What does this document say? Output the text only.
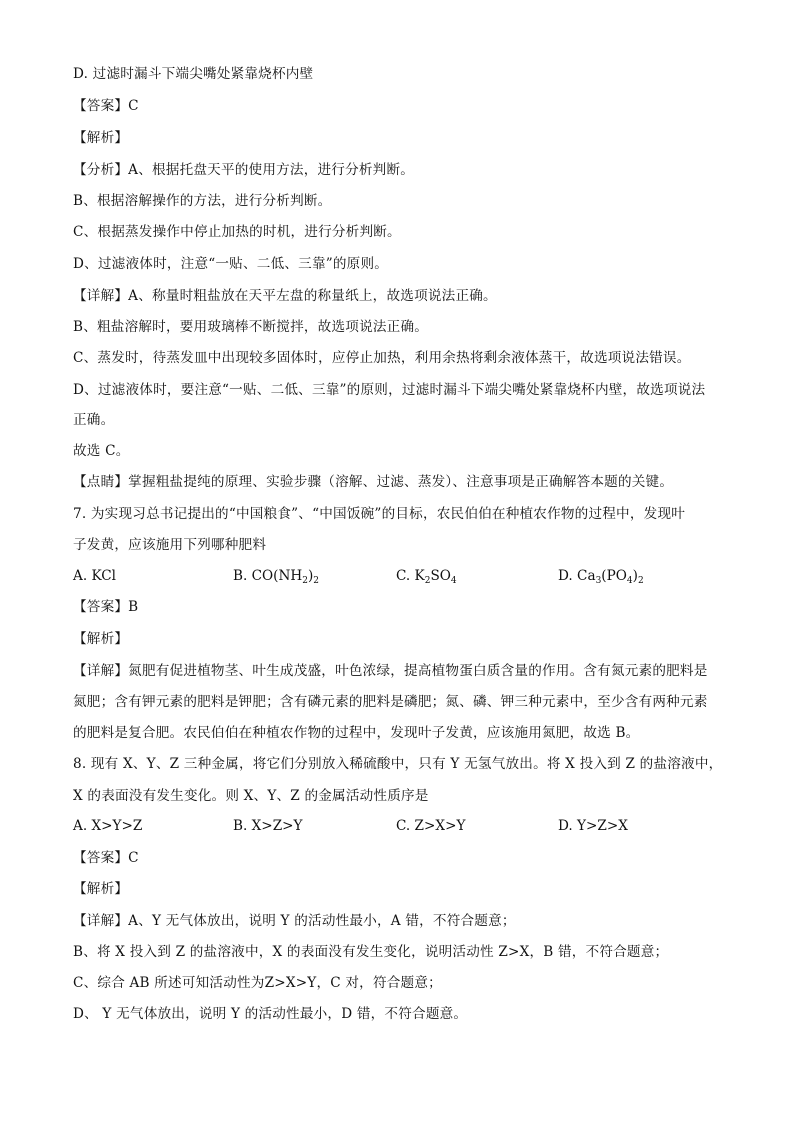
D. 过滤时漏斗下端尖嘴处紧靠烧杯内壁
【答案】C
【解析】
【分析】A、根据托盘天平的使用方法，进行分析判断。
B、根据溶解操作的方法，进行分析判断。
C、根据蒸发操作中停止加热的时机，进行分析判断。
D、过滤液体时，注意“一贴、二低、三靠”的原则。
【详解】A、称量时粗盐放在天平左盘的称量纸上，故选项说法正确。
B、粗盐溶解时，要用玻璃棒不断搅拌，故选项说法正确。
C、蒸发时，待蒸发皿中出现较多固体时，应停止加热，利用余热将剩余液体蒸干，故选项说法错误。
D、过滤液体时，要注意“一贴、二低、三靠”的原则，过滤时漏斗下端尖嘴处紧靠烧杯内壁，故选项说法
正确。
故选 C。
【点睛】掌握粗盐提纯的原理、实验步骤（溶解、过滤、蒸发）、注意事项是正确解答本题的关键。
7. 为实现习总书记提出的“中国粮食”、“中国饭碗”的目标，农民伯伯在种植农作物的过程中，发现叶
子发黄，应该施用下列哪种肥料
A. KCl	B. $CO(NH_2)_2$	C. $K_2SO_4$	D. $Ca_3(PO_4)_2$
【答案】B
【解析】
【详解】氮肥有促进植物茎、叶生成茂盛，叶色浓绿，提高植物蛋白质含量的作用。含有氮元素的肥料是
氮肥；含有钾元素的肥料是钾肥；含有磷元素的肥料是磷肥；氮、磷、钾三种元素中，至少含有两种元素
的肥料是复合肥。农民伯伯在种植农作物的过程中，发现叶子发黄，应该施用氮肥，故选 B。
8. 现有 X、Y、Z 三种金属，将它们分别放入稀硫酸中，只有 Y 无氢气放出。将 X 投入到 Z 的盐溶液中，
X 的表面没有发生变化。则 X、Y、Z 的金属活动性质序是
A. X>Y>Z	B. X>Z>Y	C. Z>X>Y	D. Y>Z>X
【答案】C
【解析】
【详解】A、Y 无气体放出，说明 Y 的活动性最小，A 错，不符合题意；
B、将 X 投入到 Z 的盐溶液中，X 的表面没有发生变化，说明活动性 Z>X，B 错，不符合题意；
C、综合 AB 所述可知活动性为Z>X>Y，C 对，符合题意；
D、 Y 无气体放出，说明 Y 的活动性最小，D 错，不符合题意。
